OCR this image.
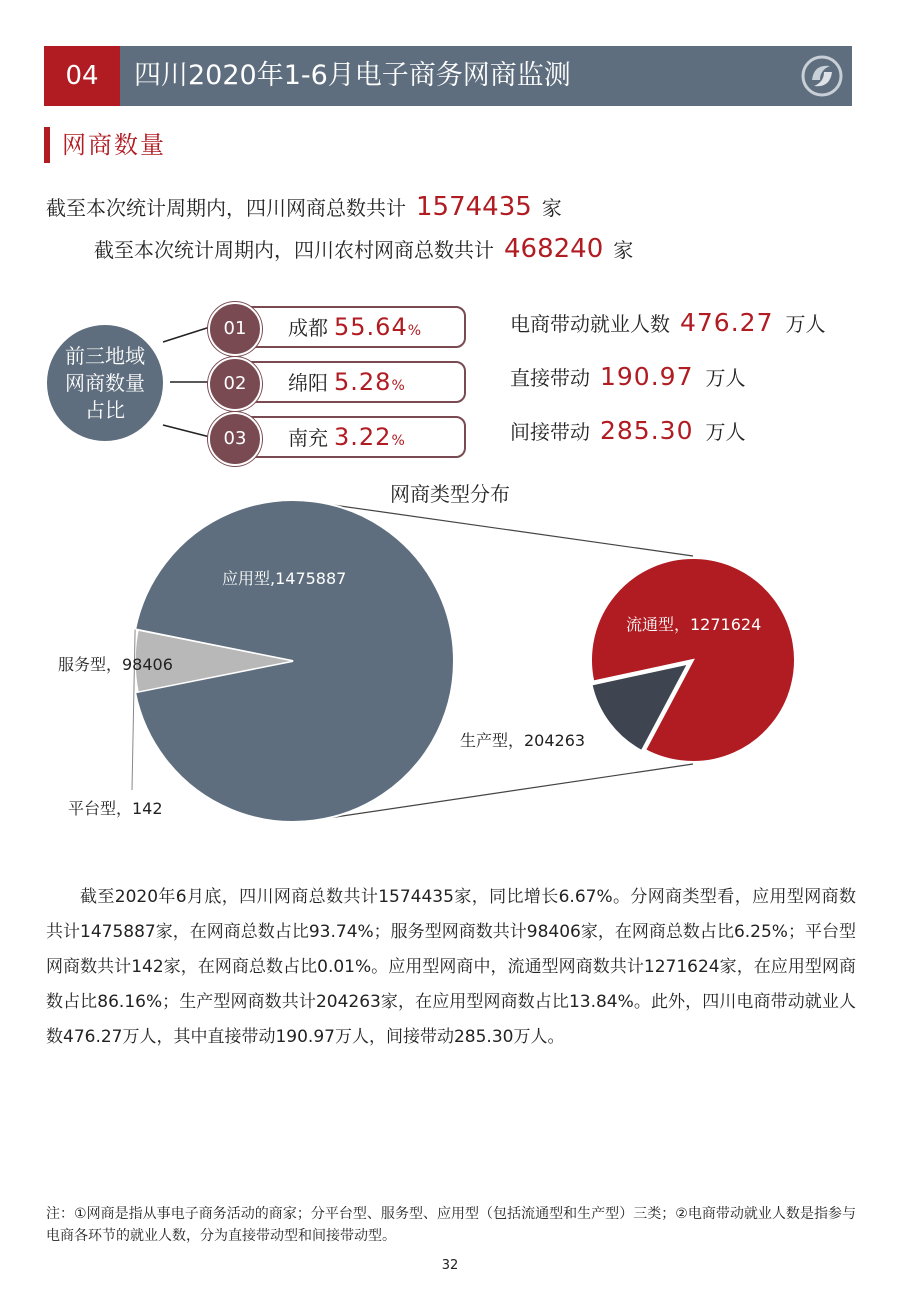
04	四川2020年1-6月电子商务网商监测
网商数量
截至本次统计周期内，四川网商总数共计 1574435 家
截至本次统计周期内，四川农村网商总数共计 468240 家
前三地域网商数量占比
成都 55.64%
01
绵阳 5.28%
02
南充 3.22%
03
电商带动就业人数 476.27 万人
直接带动 190.97 万人
间接带动 285.30 万人
网商类型分布
应用型,1475887
服务型，98406
平台型，142
流通型，1271624
生产型，204263
截至2020年6月底，四川网商总数共计1574435家，同比增长6.67%。分网商类型看，应用型网商数共计1475887家，在网商总数占比93.74%；服务型网商数共计98406家，在网商总数占比6.25%；平台型网商数共计142家，在网商总数占比0.01%。应用型网商中，流通型网商数共计1271624家，在应用型网商数占比86.16%；生产型网商数共计204263家，在应用型网商数占比13.84%。此外，四川电商带动就业人数476.27万人，其中直接带动190.97万人，间接带动285.30万人。
注：①网商是指从事电子商务活动的商家；分平台型、服务型、应用型（包括流通型和生产型）三类；②电商带动就业人数是指参与电商各环节的就业人数，分为直接带动型和间接带动型。
32
